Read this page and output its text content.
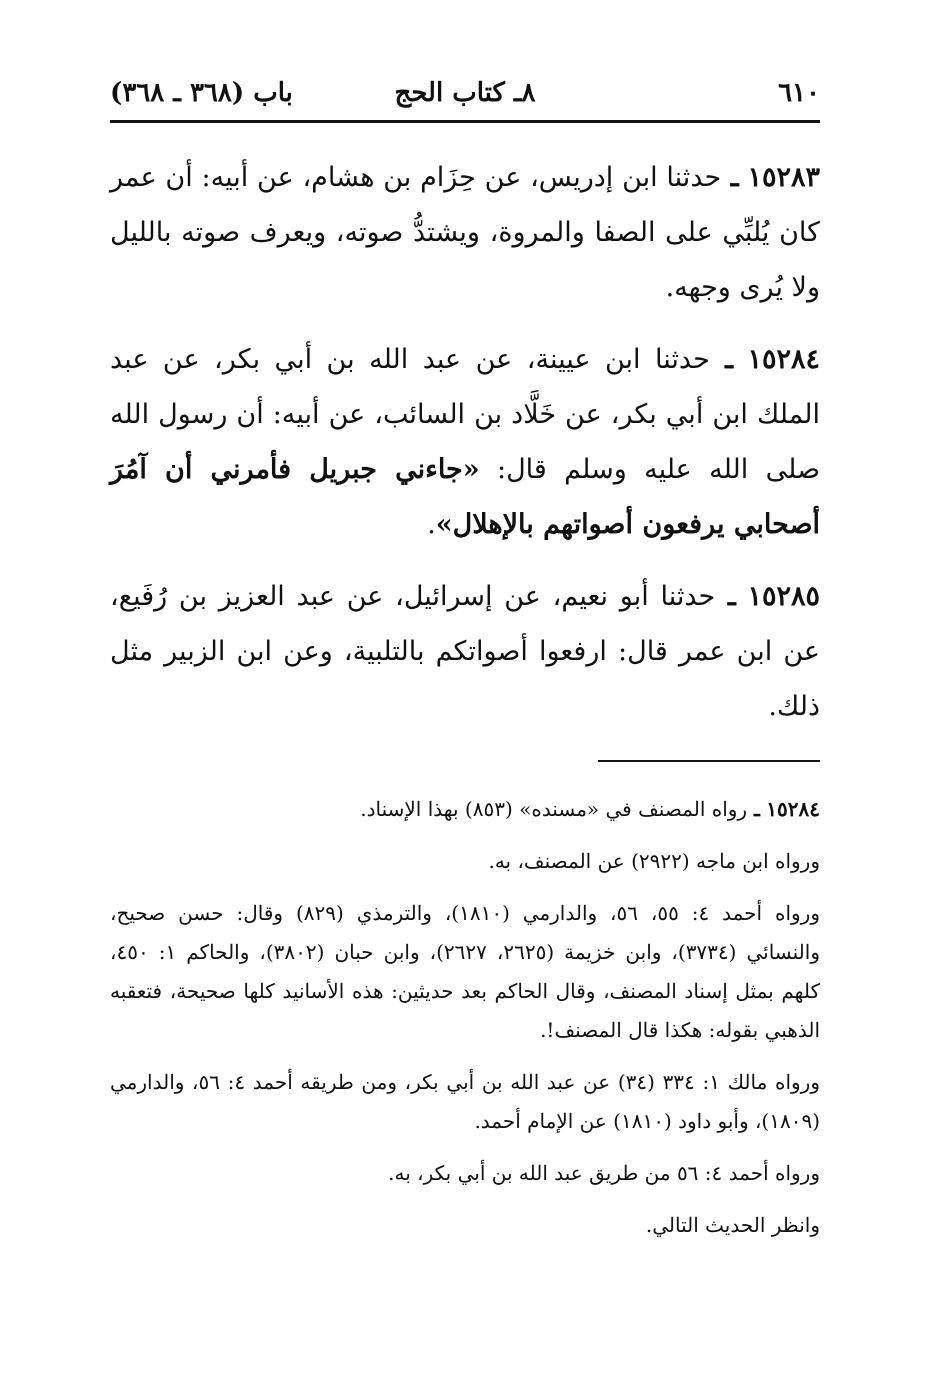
٦١٠
٨ـ كتاب الحج
باب (٣٦٨ ـ ٣٦٨)

١٥٢٨٣ ـ حدثنا ابن إدريس، عن حِزَام بن هشام، عن أبيه: أن عمر كان يُلبِّي على الصفا والمروة، ويشتدُّ صوته، ويعرف صوته بالليل ولا يُرى وجهه.

١٥٢٨٤ ـ حدثنا ابن عيينة، عن عبد الله بن أبي بكر، عن عبد الملك ابن أبي بكر، عن خَلَّاد بن السائب، عن أبيه: أن رسول الله صلى الله عليه وسلم قال: «جاءني جبريل فأمرني أن آمُرَ أصحابي يرفعون أصواتهم بالإهلال».

١٥٢٨٥ ـ حدثنا أبو نعيم، عن إسرائيل، عن عبد العزيز بن رُفَيع، عن ابن عمر قال: ارفعوا أصواتكم بالتلبية، وعن ابن الزبير مثل ذلك.

١٥٢٨٤ ـ رواه المصنف في «مسنده» (٨٥٣) بهذا الإسناد.

ورواه ابن ماجه (٢٩٢٢) عن المصنف، به.

ورواه أحمد ٤: ٥٥، ٥٦، والدارمي (١٨١٠)، والترمذي (٨٢٩) وقال: حسن صحيح، والنسائي (٣٧٣٤)، وابن خزيمة (٢٦٢٥، ٢٦٢٧)، وابن حبان (٣٨٠٢)، والحاكم ١: ٤٥٠، كلهم بمثل إسناد المصنف، وقال الحاكم بعد حديثين: هذه الأسانيد كلها صحيحة، فتعقبه الذهبي بقوله: هكذا قال المصنف!.

ورواه مالك ١: ٣٣٤ (٣٤) عن عبد الله بن أبي بكر، ومن طريقه أحمد ٤: ٥٦، والدارمي (١٨٠٩)، وأبو داود (١٨١٠) عن الإمام أحمد.

ورواه أحمد ٤: ٥٦ من طريق عبد الله بن أبي بكر، به.

وانظر الحديث التالي.
